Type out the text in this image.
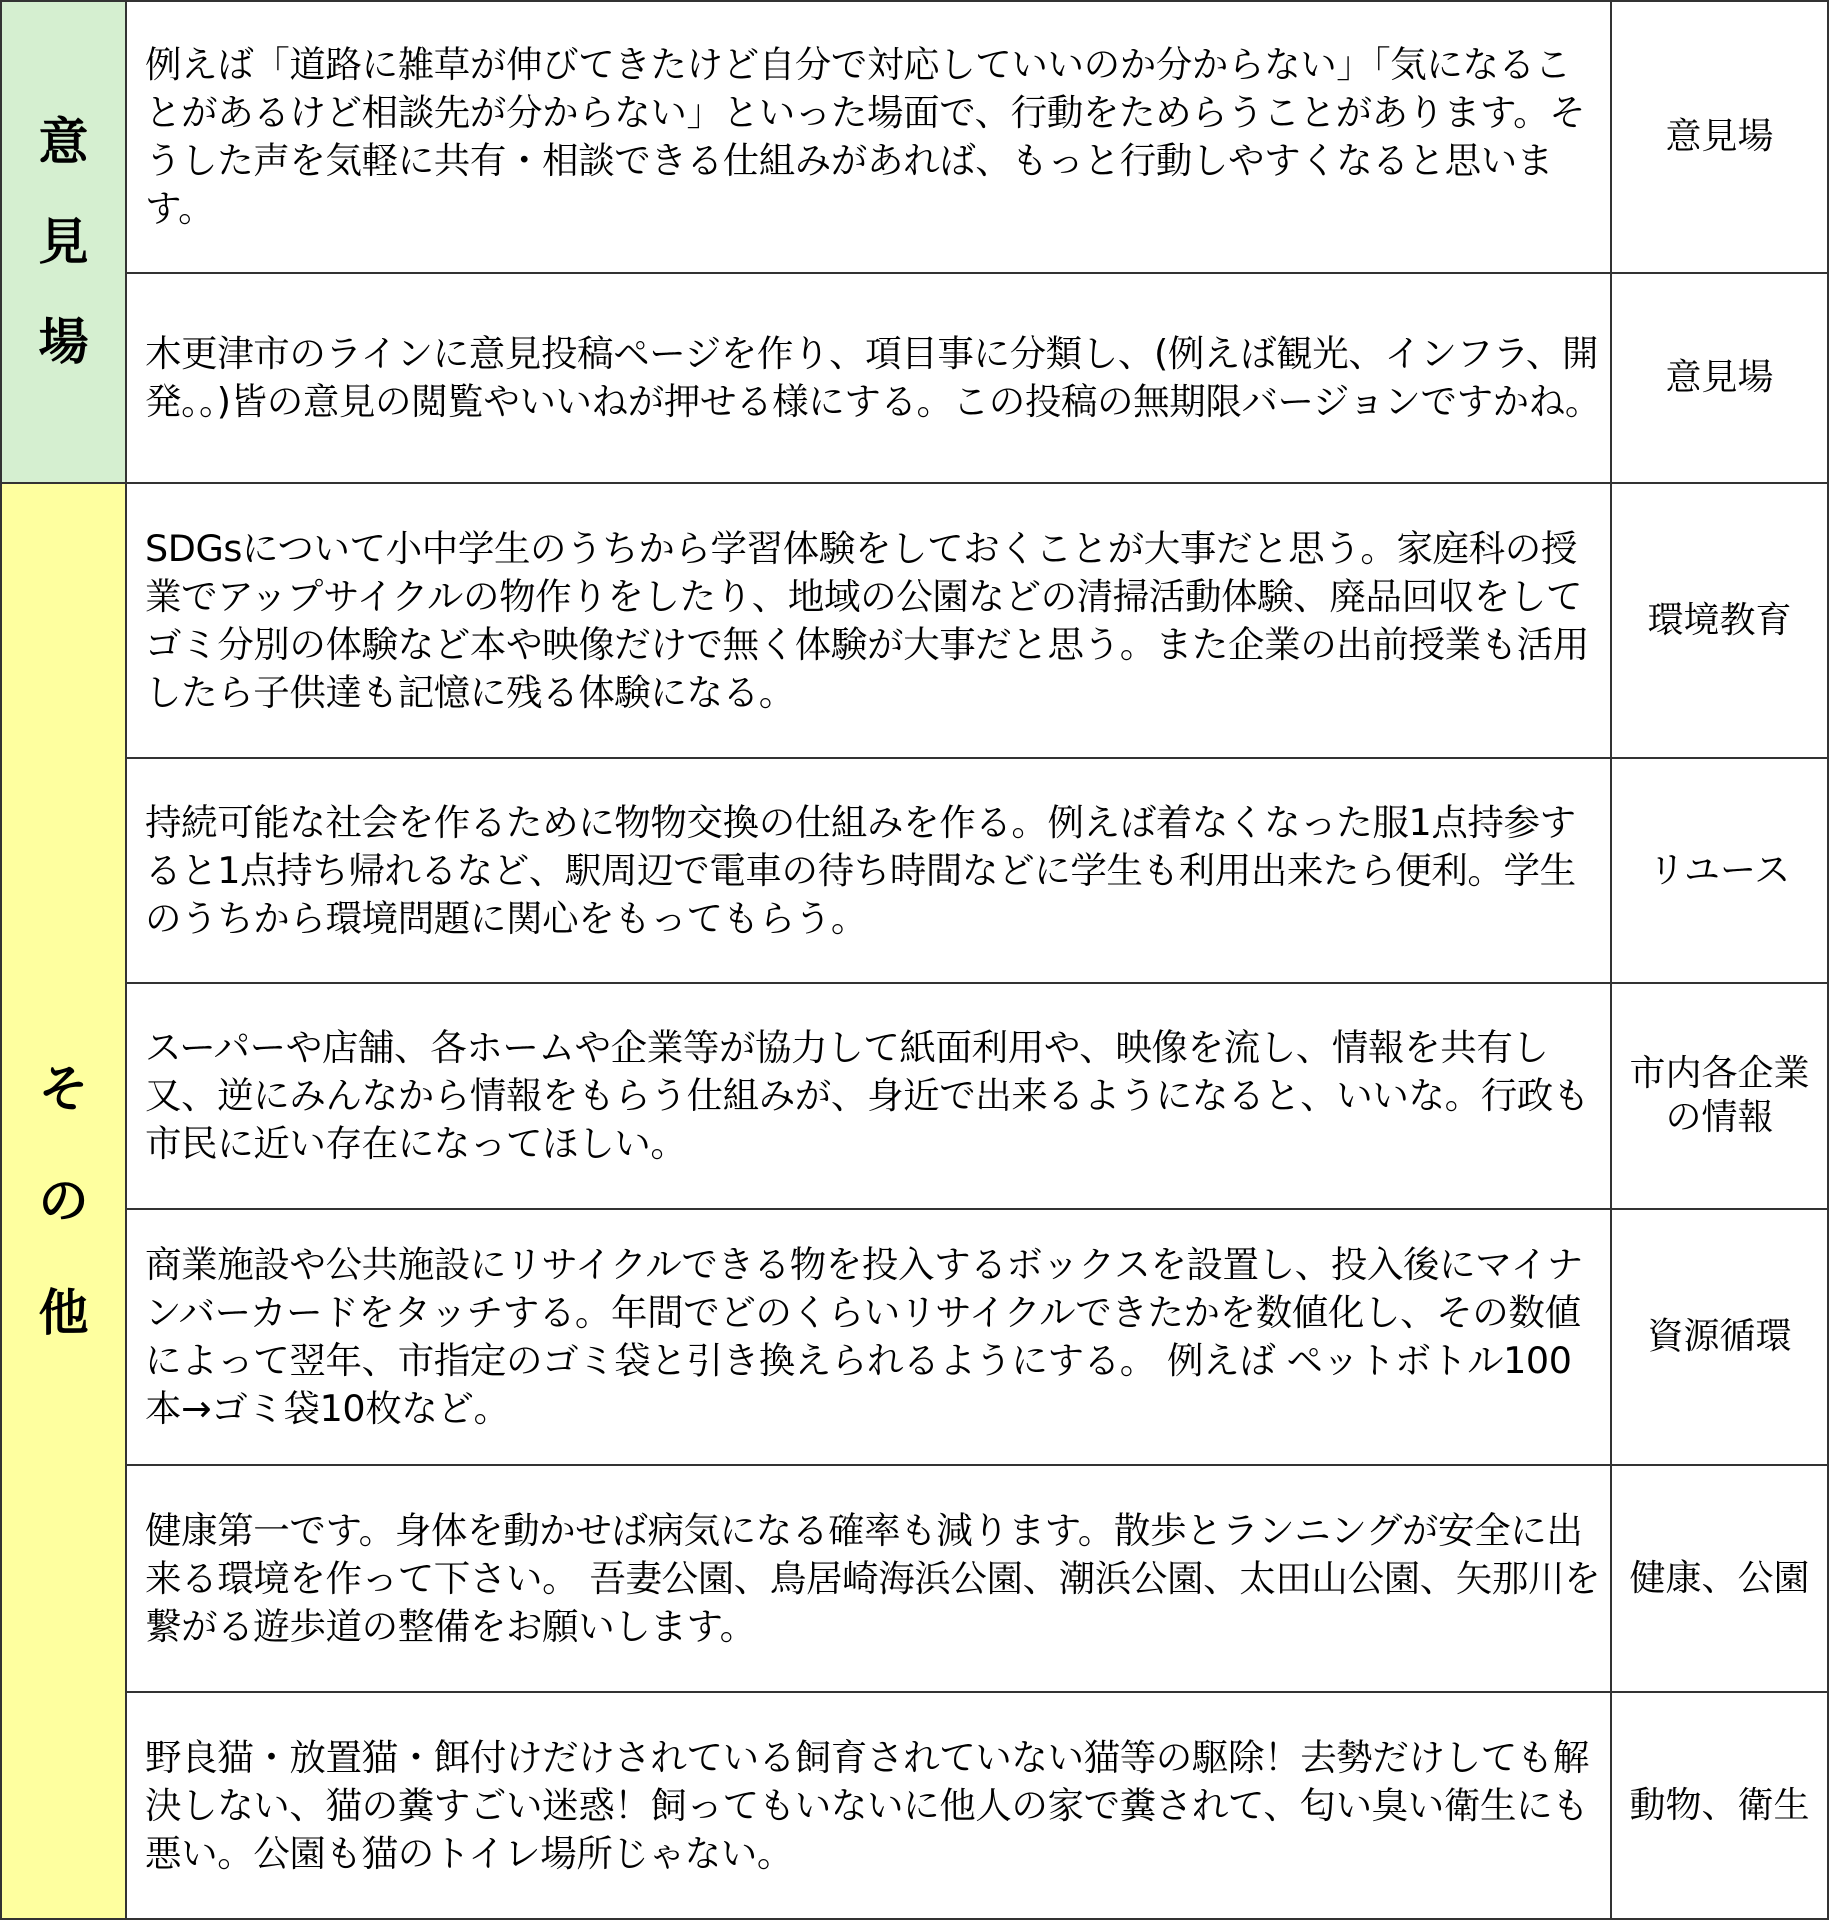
意
見
場
そ
の
他
例えば「道路に雑草が伸びてきたけど自分で対応していいのか分からない」「気になることがあるけど相談先が分からない」といった場面で、行動をためらうことがあります。そうした声を気軽に共有・相談できる仕組みがあれば、もっと行動しやすくなると思います。
意見場
木更津市のラインに意見投稿ページを作り、項目事に分類し、(例えば観光、インフラ、開発。。)皆の意見の閲覧やいいねが押せる様にする。この投稿の無期限バージョンですかね。
意見場
SDGsについて小中学生のうちから学習体験をしておくことが大事だと思う。家庭科の授業でアップサイクルの物作りをしたり、地域の公園などの清掃活動体験、廃品回収をしてゴミ分別の体験など本や映像だけで無く体験が大事だと思う。また企業の出前授業も活用したら子供達も記憶に残る体験になる。
環境教育
持続可能な社会を作るために物物交換の仕組みを作る。例えば着なくなった服1点持参すると1点持ち帰れるなど、駅周辺で電車の待ち時間などに学生も利用出来たら便利。学生のうちから環境問題に関心をもってもらう。
リユース
スーパーや店舗、各ホームや企業等が協力して紙面利用や、映像を流し、情報を共有し又、逆にみんなから情報をもらう仕組みが、身近で出来るようになると、いいな。行政も市民に近い存在になってほしい。
市内各企業の情報
商業施設や公共施設にリサイクルできる物を投入するボックスを設置し、投入後にマイナンバーカードをタッチする。年間でどのくらいリサイクルできたかを数値化し、その数値によって翌年、市指定のゴミ袋と引き換えられるようにする。 例えば ペットボトル100本→ゴミ袋10枚など。
資源循環
健康第一です。身体を動かせば病気になる確率も減ります。散歩とランニングが安全に出来る環境を作って下さい。 吾妻公園、鳥居崎海浜公園、潮浜公園、太田山公園、矢那川を繋がる遊歩道の整備をお願いします。
健康、公園
野良猫・放置猫・餌付けだけされている飼育されていない猫等の駆除！去勢だけしても解決しない、猫の糞すごい迷惑！飼ってもいないに他人の家で糞されて、匂い臭い衛生にも悪い。公園も猫のトイレ場所じゃない。
動物、衛生
